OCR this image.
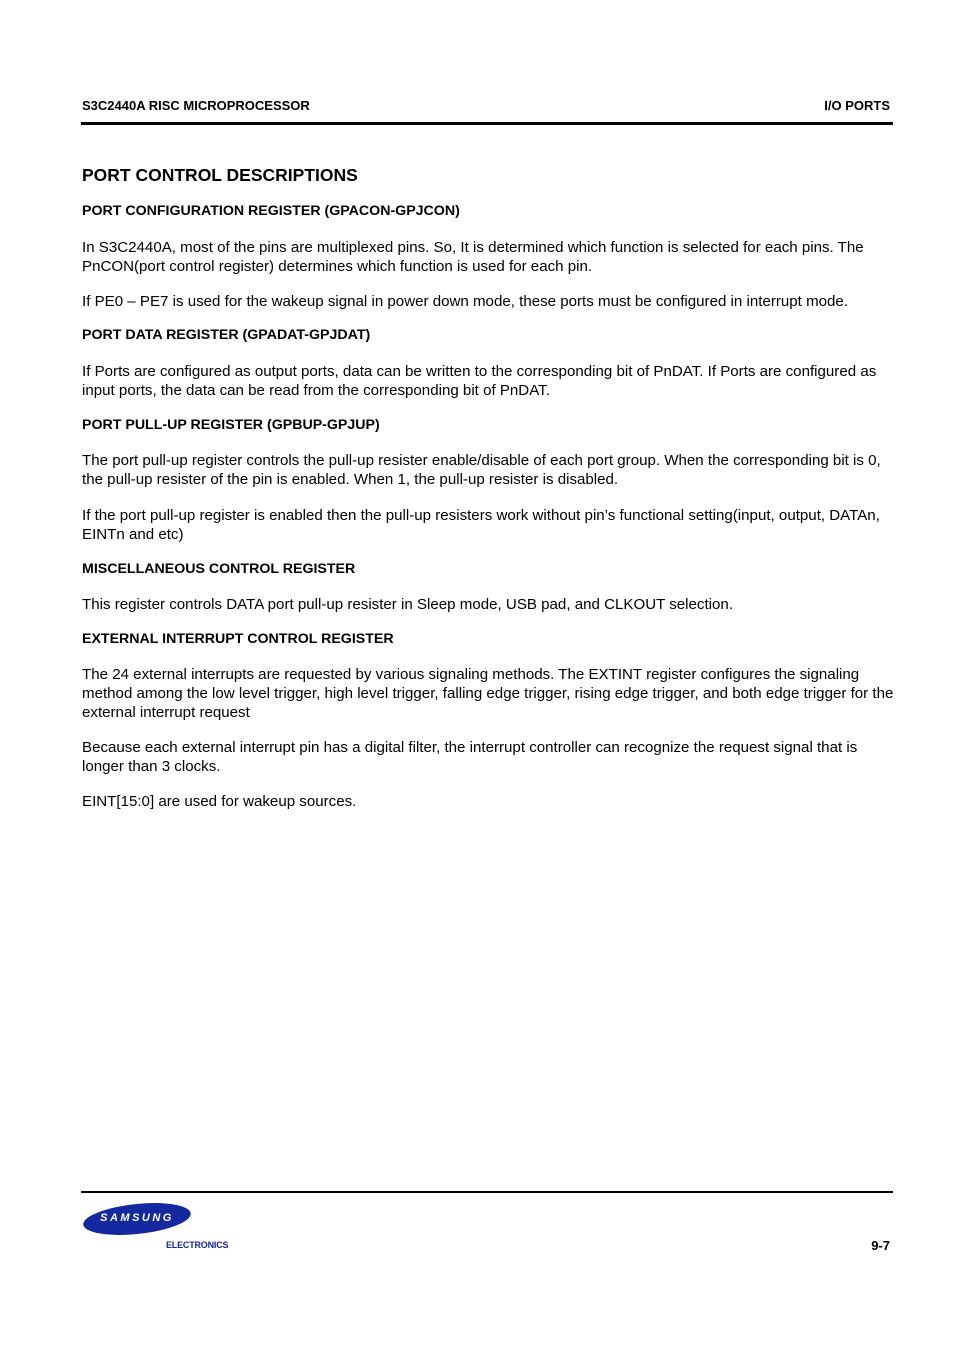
S3C2440A RISC MICROPROCESSOR	I/O PORTS
PORT CONTROL DESCRIPTIONS
PORT CONFIGURATION REGISTER (GPACON-GPJCON)

In S3C2440A, most of the pins are multiplexed pins. So, It is determined which function is selected for each pins. The PnCON(port control register) determines which function is used for each pin.

If PE0 – PE7 is used for the wakeup signal in power down mode, these ports must be configured in interrupt mode.

PORT DATA REGISTER (GPADAT-GPJDAT)

If Ports are configured as output ports, data can be written to the corresponding bit of PnDAT. If Ports are configured as input ports, the data can be read from the corresponding bit of PnDAT.

PORT PULL-UP REGISTER (GPBUP-GPJUP)

The port pull-up register controls the pull-up resister enable/disable of each port group. When the corresponding bit is 0, the pull-up resister of the pin is enabled. When 1, the pull-up resister is disabled.

If the port pull-up register is enabled then the pull-up resisters work without pin’s functional setting(input, output, DATAn, EINTn and etc)

MISCELLANEOUS CONTROL REGISTER

This register controls DATA port pull-up resister in Sleep mode, USB pad, and CLKOUT selection.

EXTERNAL INTERRUPT CONTROL REGISTER

The 24 external interrupts are requested by various signaling methods. The EXTINT register configures the signaling method among the low level trigger, high level trigger, falling edge trigger, rising edge trigger, and both edge trigger for the external interrupt request

Because each external interrupt pin has a digital filter, the interrupt controller can recognize the request signal that is longer than 3 clocks.

EINT[15:0] are used for wakeup sources.

SAMSUNG
ELECTRONICS	9-7
